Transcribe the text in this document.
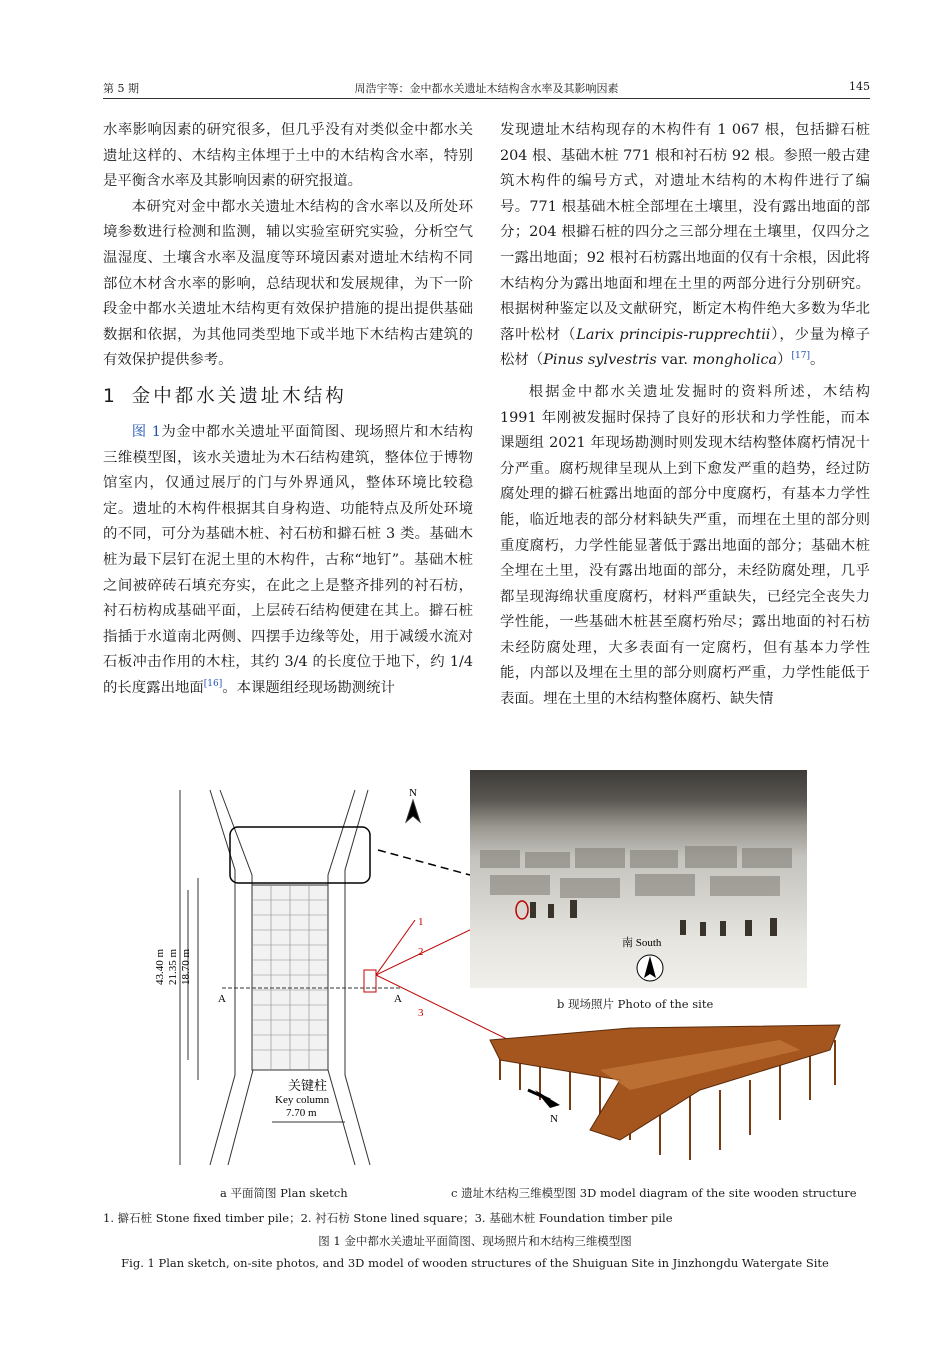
第 5 期	周浩宇等：金中都水关遗址木结构含水率及其影响因素	145

水率影响因素的研究很多，但几乎没有对类似金中都水关遗址这样的、木结构主体埋于土中的木结构含水率，特别是平衡含水率及其影响因素的研究报道。

本研究对金中都水关遗址木结构的含水率以及所处环境参数进行检测和监测，辅以实验室研究实验，分析空气温湿度、土壤含水率及温度等环境因素对遗址木结构不同部位木材含水率的影响，总结现状和发展规律，为下一阶段金中都水关遗址木结构更有效保护措施的提出提供基础数据和依据，为其他同类型地下或半地下木结构古建筑的有效保护提供参考。

1 金中都水关遗址木结构

图 1为金中都水关遗址平面简图、现场照片和木结构三维模型图，该水关遗址为木石结构建筑，整体位于博物馆室内，仅通过展厅的门与外界通风，整体环境比较稳定。遗址的木构件根据其自身构造、功能特点及所处环境的不同，可分为基础木桩、衬石枋和擗石桩 3 类。基础木桩为最下层钉在泥土里的木构件，古称“地钉”。基础木桩之间被碎砖石填充夯实，在此之上是整齐排列的衬石枋，衬石枋构成基础平面，上层砖石结构便建在其上。擗石桩指插于水道南北两侧、四摆手边缘等处，用于减缓水流对石板冲击作用的木柱，其约 3/4 的长度位于地下，约 1/4 的长度露出地面[16]。本课题组经现场勘测统计

发现遗址木结构现存的木构件有 1 067 根，包括擗石桩 204 根、基础木桩 771 根和衬石枋 92 根。参照一般古建筑木构件的编号方式，对遗址木结构的木构件进行了编号。771 根基础木桩全部埋在土壤里，没有露出地面的部分；204 根擗石桩的四分之三部分埋在土壤里，仅四分之一露出地面；92 根衬石枋露出地面的仅有十余根，因此将木结构分为露出地面和埋在土里的两部分进行分别研究。根据树种鉴定以及文献研究，断定木构件绝大多数为华北落叶松材（Larix principis-rupprechtii），少量为樟子松材（Pinus sylvestris var. mongholica）[17]。

根据金中都水关遗址发掘时的资料所述，木结构 1991 年刚被发掘时保持了良好的形状和力学性能，而本课题组 2021 年现场勘测时则发现木结构整体腐朽情况十分严重。腐朽规律呈现从上到下愈发严重的趋势，经过防腐处理的擗石桩露出地面的部分中度腐朽，有基本力学性能，临近地表的部分材料缺失严重，而埋在土里的部分则重度腐朽，力学性能显著低于露出地面的部分；基础木桩全埋在土里，没有露出地面的部分，未经防腐处理，几乎都呈现海绵状重度腐朽，材料严重缺失，已经完全丧失力学性能，一些基础木桩甚至腐朽殆尽；露出地面的衬石枋未经防腐处理，大多表面有一定腐朽，但有基本力学性能，内部以及埋在土里的部分则腐朽严重，力学性能低于表面。埋在土里的木结构整体腐朽、缺失情

43.40 m 21.35 m 18.70 m
A	A
N
关键柱
Key column
7.70 m
1
2
3
南 South
N
a 平面简图 Plan sketch
b 现场照片 Photo of the site
c 遗址木结构三维模型图 3D model diagram of the site wooden structure
1. 擗石桩 Stone fixed timber pile；2. 衬石枋 Stone lined square；3. 基础木桩 Foundation timber pile
图 1 金中都水关遗址平面简图、现场照片和木结构三维模型图
Fig. 1 Plan sketch, on-site photos, and 3D model of wooden structures of the Shuiguan Site in Jinzhongdu Watergate Site
